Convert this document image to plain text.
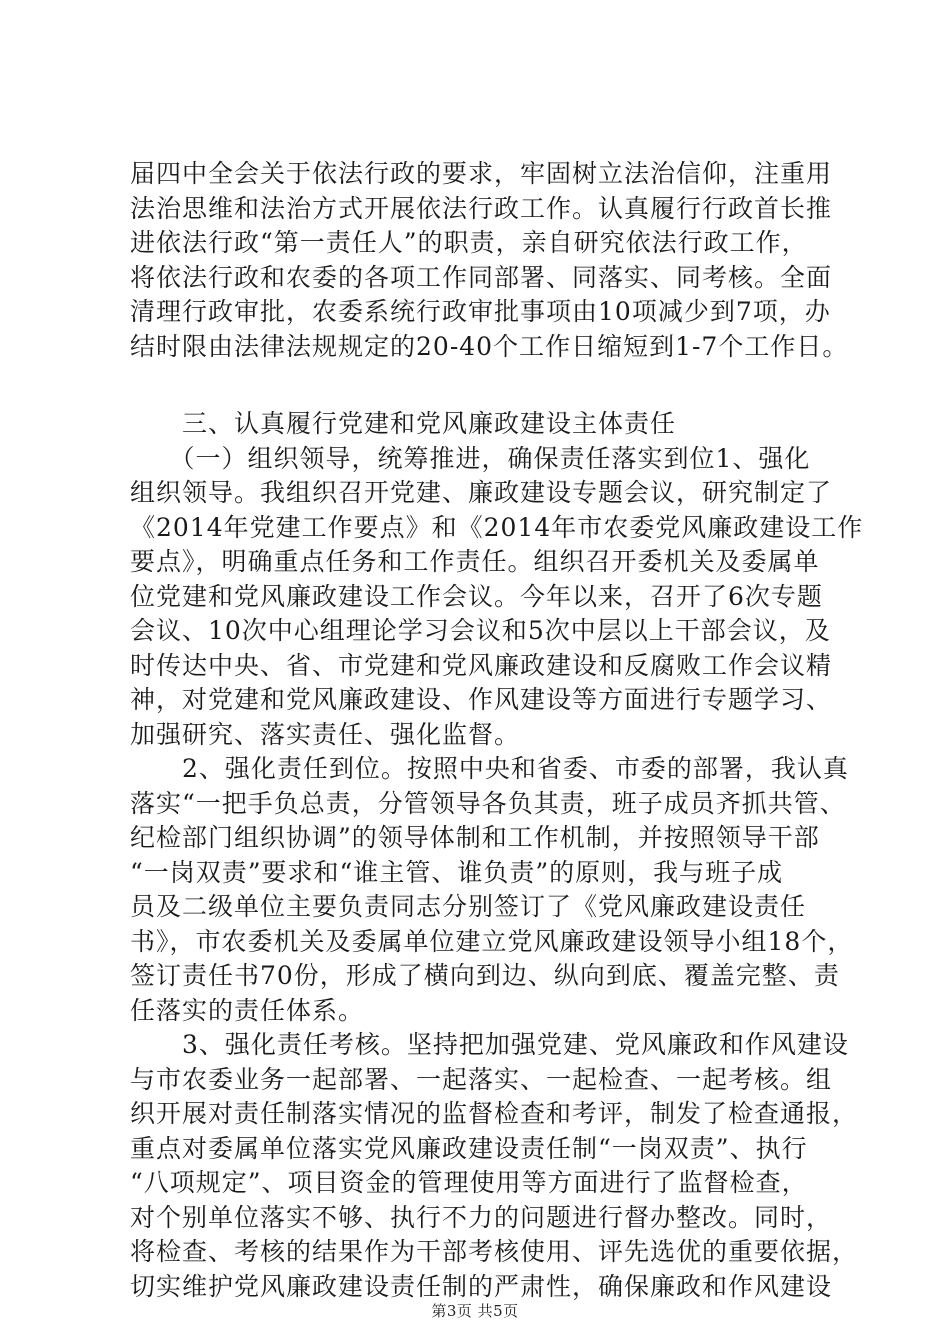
届四中全会关于依法行政的要求，牢固树立法治信仰，注重用
法治思维和法治方式开展依法行政工作。认真履行行政首长推
进依法行政“第一责任人”的职责，亲自研究依法行政工作，
将依法行政和农委的各项工作同部署、同落实、同考核。全面
清理行政审批，农委系统行政审批事项由10项减少到7项，办
结时限由法律法规规定的20-40个工作日缩短到1-7个工作日。
　　三、认真履行党建和党风廉政建设主体责任
　　（一）组织领导，统筹推进，确保责任落实到位1、强化
组织领导。我组织召开党建、廉政建设专题会议，研究制定了
《2014年党建工作要点》和《2014年市农委党风廉政建设工作
要点》，明确重点任务和工作责任。组织召开委机关及委属单
位党建和党风廉政建设工作会议。今年以来，召开了6次专题
会议、10次中心组理论学习会议和5次中层以上干部会议，及
时传达中央、省、市党建和党风廉政建设和反腐败工作会议精
神，对党建和党风廉政建设、作风建设等方面进行专题学习、
加强研究、落实责任、强化监督。
　　2、强化责任到位。按照中央和省委、市委的部署，我认真
落实“一把手负总责，分管领导各负其责，班子成员齐抓共管、
纪检部门组织协调”的领导体制和工作机制，并按照领导干部
“一岗双责”要求和“谁主管、谁负责”的原则，我与班子成
员及二级单位主要负责同志分别签订了《党风廉政建设责任
书》，市农委机关及委属单位建立党风廉政建设领导小组18个，
签订责任书70份，形成了横向到边、纵向到底、覆盖完整、责
任落实的责任体系。
　　3、强化责任考核。坚持把加强党建、党风廉政和作风建设
与市农委业务一起部署、一起落实、一起检查、一起考核。组
织开展对责任制落实情况的监督检查和考评，制发了检查通报，
重点对委属单位落实党风廉政建设责任制“一岗双责”、执行
“八项规定”、项目资金的管理使用等方面进行了监督检查，
对个别单位落实不够、执行不力的问题进行督办整改。同时，
将检查、考核的结果作为干部考核使用、评先选优的重要依据，
切实维护党风廉政建设责任制的严肃性，确保廉政和作风建设
第3页 共5页
